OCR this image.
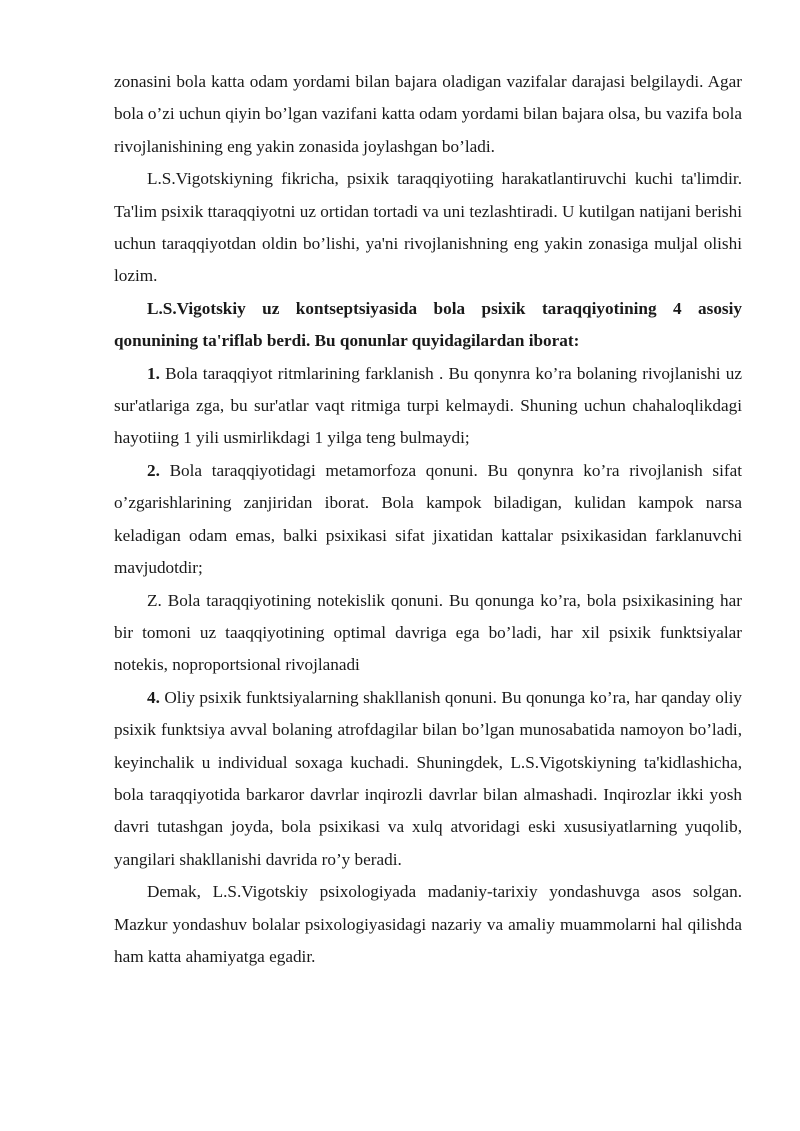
zonasini bola katta odam yordami bilan bajara oladigan vazifalar darajasi belgilaydi. Agar bola o’zi uchun qiyin bo’lgan vazifani katta odam yordami bilan bajara olsa, bu vazifa bola rivojlanishining eng yakin zonasida joylashgan bo’ladi.

L.S.Vigotskiyning fikricha, psixik taraqqiyotiing harakatlantiruvchi kuchi ta'limdir. Ta'lim psixik ttaraqqiyotni uz ortidan tortadi va uni tezlashtiradi. U kutilgan natijani berishi uchun taraqqiyotdan oldin bo’lishi, ya'ni rivojlanishning eng yakin zonasiga muljal olishi lozim.

L.S.Vigotskiy uz kontseptsiyasida bola psixik taraqqiyotining 4 asosiy qonunining ta'riflab berdi. Bu qonunlar quyidagilardan iborat:

1. Bola taraqqiyot ritmlarining farklanish . Bu qonynra ko’ra bolaning rivojlanishi uz sur'atlariga zga, bu sur'atlar vaqt ritmiga turpi kelmaydi. Shuning uchun chahaloqlikdagi hayotiing 1 yili usmirlikdagi 1 yilga teng bulmaydi;

2. Bola taraqqiyotidagi metamorfoza qonuni. Bu qonynra ko’ra rivojlanish sifat o’zgarishlarining zanjiridan iborat. Bola kampok biladigan, kulidan kampok narsa keladigan odam emas, balki psixikasi sifat jixatidan kattalar psixikasidan farklanuvchi mavjudotdir;

Z. Bola taraqqiyotining notekislik qonuni. Bu qonunga ko’ra, bola psixikasining har bir tomoni uz taaqqiyotining optimal davriga ega bo’ladi, har xil psixik funktsiyalar notekis, noproportsional rivojlanadi

4. Oliy psixik funktsiyalarning shakllanish qonuni. Bu qonunga ko’ra, har qanday oliy psixik funktsiya avval bolaning atrofdagilar bilan bo’lgan munosabatida namoyon bo’ladi, keyinchalik u individual soxaga kuchadi. Shuningdek, L.S.Vigotskiyning ta'kidlashicha, bola taraqqiyotida barkaror davrlar inqirozli davrlar bilan almashadi. Inqirozlar ikki yosh davri tutashgan joyda, bola psixikasi va xulq atvoridagi eski xususiyatlarning yuqolib, yangilari shakllanishi davrida ro’y beradi.

Demak, L.S.Vigotskiy psixologiyada madaniy-tarixiy yondashuvga asos solgan. Mazkur yondashuv bolalar psixologiyasidagi nazariy va amaliy muammolarni hal qilishda ham katta ahamiyatga egadir.
